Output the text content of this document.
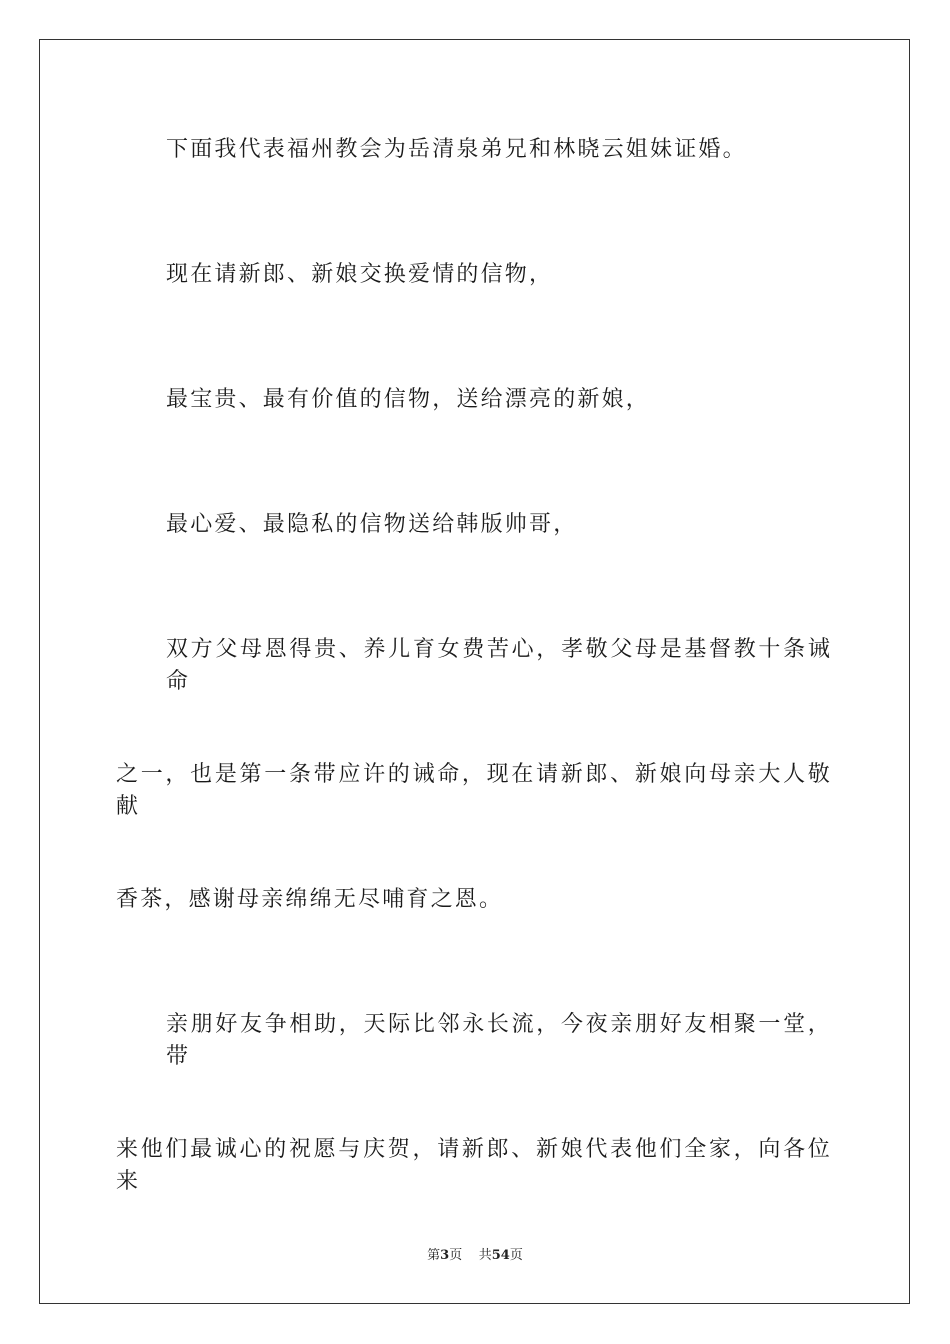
下面我代表福州教会为岳清泉弟兄和林晓云姐妹证婚。
现在请新郎、新娘交换爱情的信物，
最宝贵、最有价值的信物，送给漂亮的新娘，
最心爱、最隐私的信物送给韩版帅哥，
双方父母恩得贵、养儿育女费苦心，孝敬父母是基督教十条诫命
之一，也是第一条带应许的诫命，现在请新郎、新娘向母亲大人敬献
香茶，感谢母亲绵绵无尽哺育之恩。
亲朋好友争相助，天际比邻永长流，今夜亲朋好友相聚一堂，带
来他们最诚心的祝愿与庆贺，请新郎、新娘代表他们全家，向各位来
第3页 共54页
